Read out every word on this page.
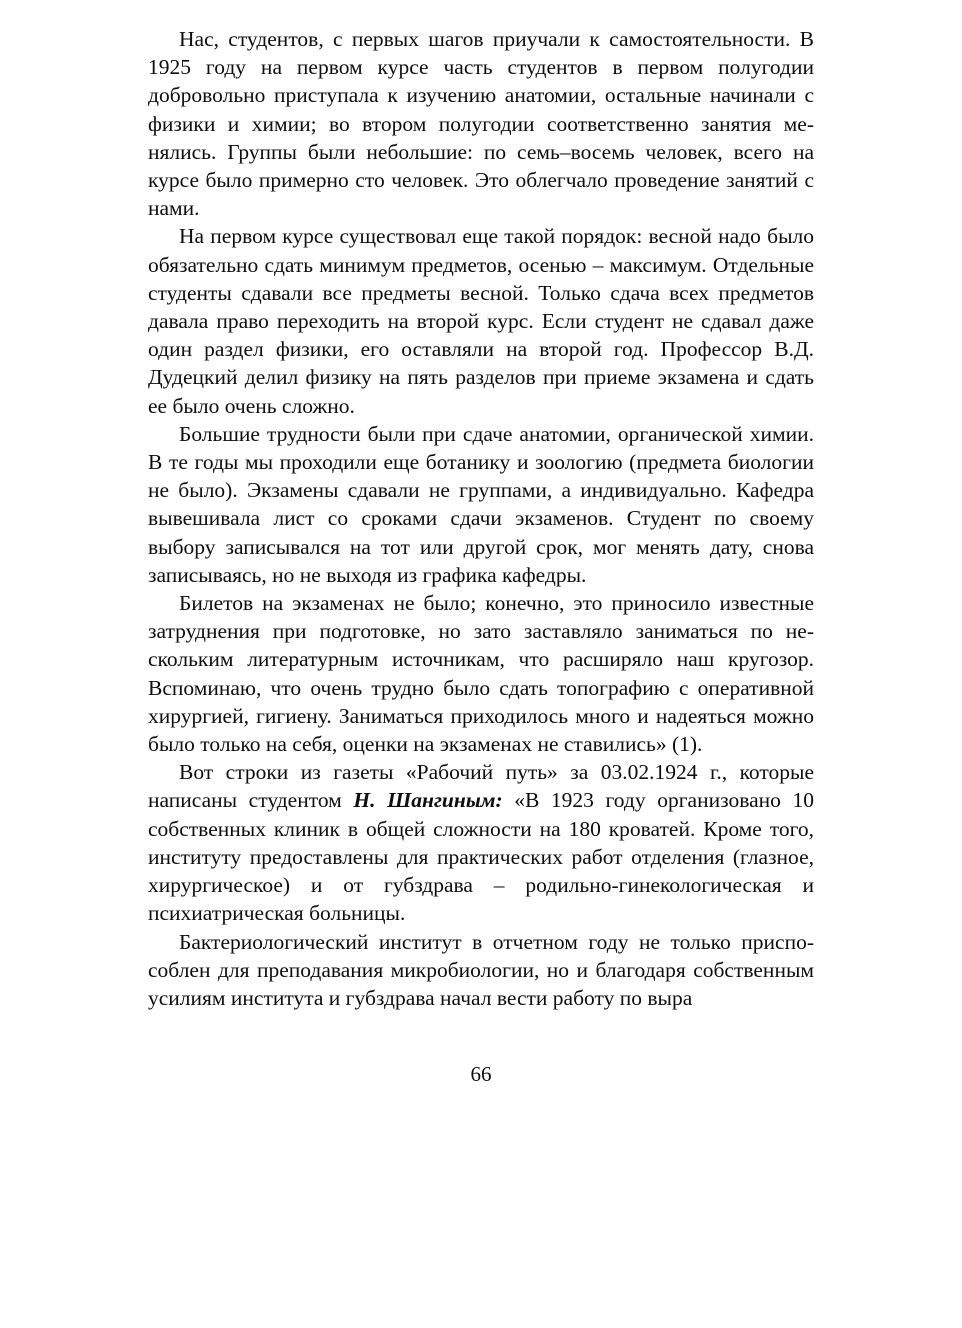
Нас, студентов, с первых шагов приучали к самостоятельности. В 1925 году на первом курсе часть студентов в первом полугодии добровольно приступала к изучению анатомии, остальные начинали с физики и химии; во втором полугодии соответственно занятия менялись. Группы были небольшие: по семь–восемь человек, всего на курсе было примерно сто человек. Это облегчало проведение занятий с нами.

На первом курсе существовал еще такой порядок: весной надо было обязательно сдать минимум предметов, осенью – максимум. Отдельные студенты сдавали все предметы весной. Только сдача всех предметов давала право переходить на второй курс. Если студент не сдавал даже один раздел физики, его оставляли на второй год. Профессор В.Д. Дудецкий делил физику на пять разделов при приеме экзамена и сдать ее было очень сложно.

Большие трудности были при сдаче анатомии, органической химии. В те годы мы проходили еще ботанику и зоологию (предмета биологии не было). Экзамены сдавали не группами, а индивидуально. Кафедра вывешивала лист со сроками сдачи экзаменов. Студент по своему выбору записывался на тот или другой срок, мог менять дату, снова записываясь, но не выходя из графика кафедры.

Билетов на экзаменах не было; конечно, это приносило известные затруднения при подготовке, но зато заставляло заниматься по нескольким литературным источникам, что расширяло наш кругозор. Вспоминаю, что очень трудно было сдать топографию с оперативной хирургией, гигиену. Заниматься приходилось много и надеяться можно было только на себя, оценки на экзаменах не ставились» (1).

Вот строки из газеты «Рабочий путь» за 03.02.1924 г., которые написаны студентом Н. Шангиным: «В 1923 году организовано 10 собственных клиник в общей сложности на 180 кроватей. Кроме того, институту предоставлены для практических работ отделения (глазное, хирургическое) и от губздрава – родильно-гинекологическая и психиатрическая больницы.

Бактериологический институт в отчетном году не только приспособлен для преподавания микробиологии, но и благодаря собственным усилиям института и губздрава начал вести работу по выра

66
